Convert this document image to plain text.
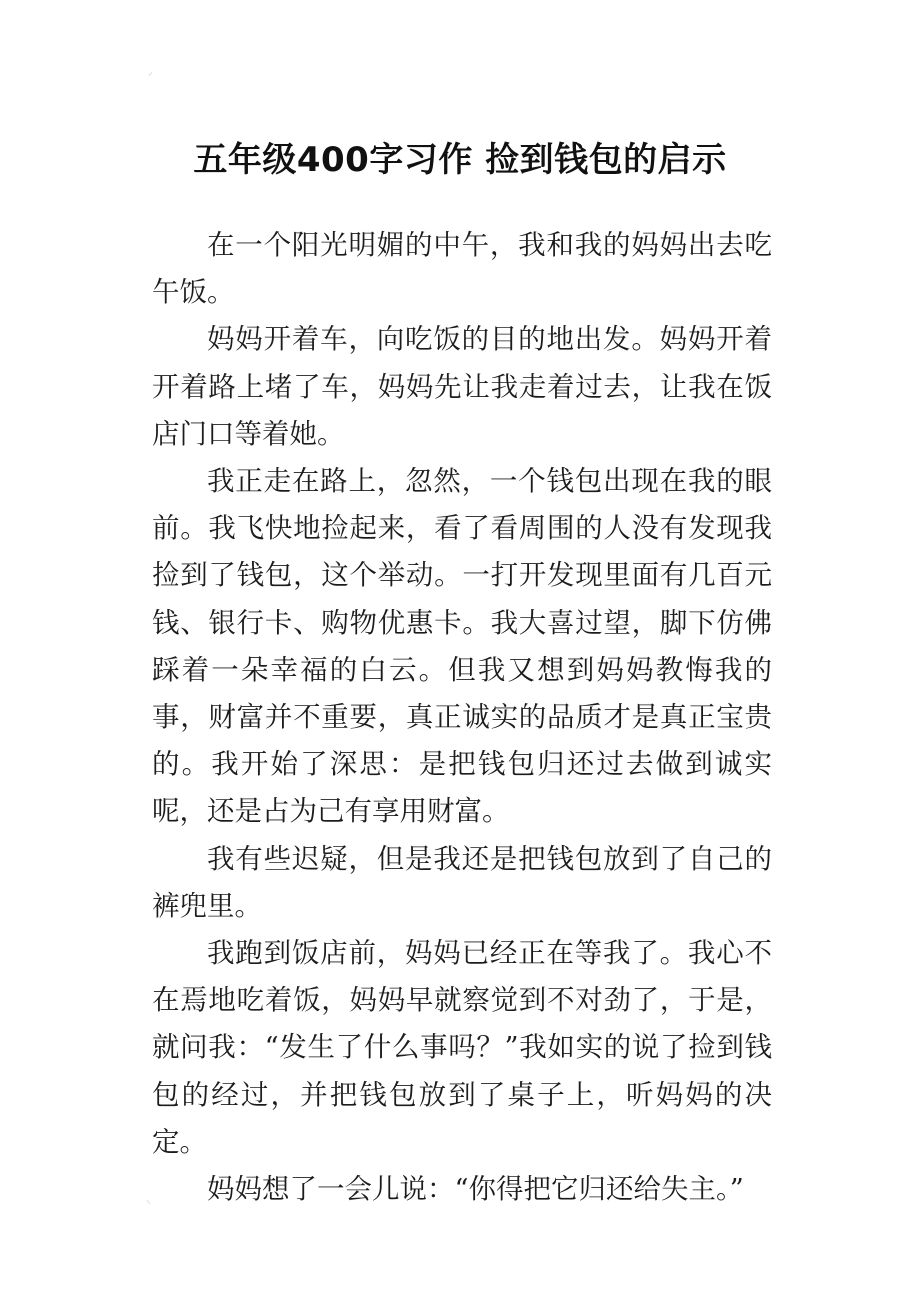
⸝
五年级400字习作 捡到钱包的启示

在一个阳光明媚的中午，我和我的妈妈出去吃午饭。

妈妈开着车，向吃饭的目的地出发。妈妈开着开着路上堵了车，妈妈先让我走着过去，让我在饭店门口等着她。

我正走在路上，忽然，一个钱包出现在我的眼前。我飞快地捡起来，看了看周围的人没有发现我捡到了钱包，这个举动。一打开发现里面有几百元钱、银行卡、购物优惠卡。我大喜过望，脚下仿佛踩着一朵幸福的白云。但我又想到妈妈教悔我的事，财富并不重要，真正诚实的品质才是真正宝贵的。我开始了深思：是把钱包归还过去做到诚实呢，还是占为己有享用财富。

我有些迟疑，但是我还是把钱包放到了自己的裤兜里。

我跑到饭店前，妈妈已经正在等我了。我心不在焉地吃着饭，妈妈早就察觉到不对劲了，于是，就问我：“发生了什么事吗？”我如实的说了捡到钱包的经过，并把钱包放到了桌子上，听妈妈的决定。

妈妈想了一会儿说：“你得把它归还给失主。”

⸜
